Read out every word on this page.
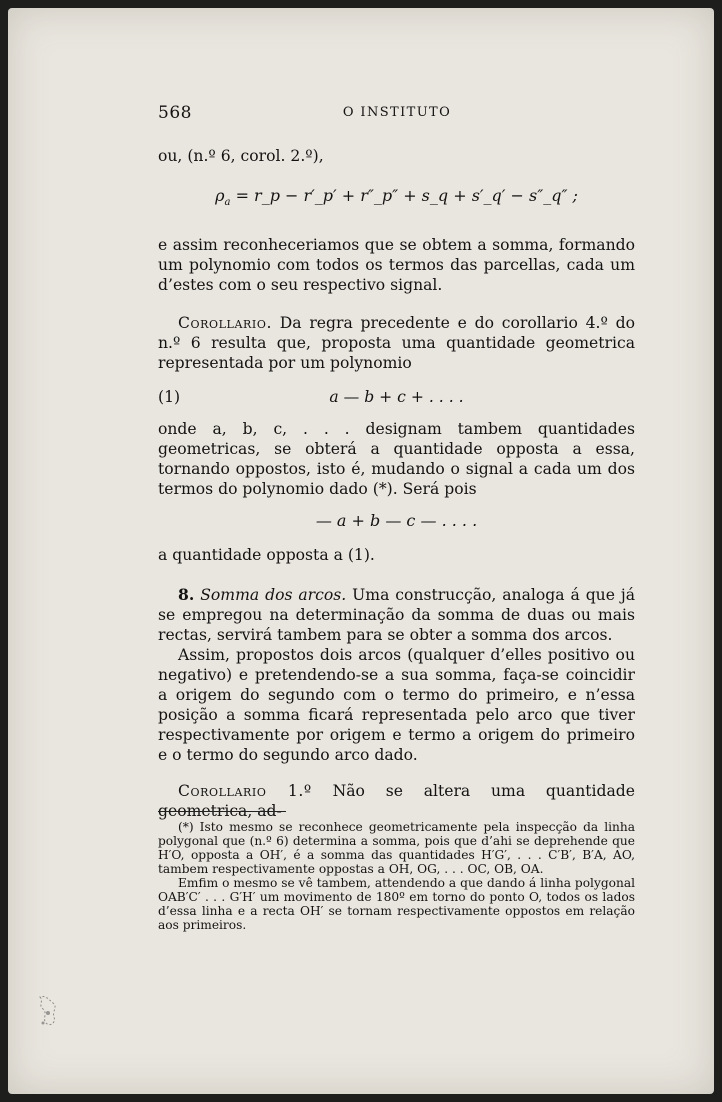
568	O INSTITUTO

ou, (n.º 6, corol. 2.º),

$\rho_a$ = r_p − r′_p′ + r″_p″ + s_q + s′_q′ − s″_q″ ;

e assim reconheceriamos que se obtem a somma, formando um polynomio com todos os termos das parcellas, cada um d’estes com o seu respectivo signal.

Corollario. Da regra precedente e do corollario 4.º do n.º 6 resulta que, proposta uma quantidade geometrica representada por um polynomio

(1)	a — b + c + . . . .

onde a, b, c, . . . designam tambem quantidades geometricas, se obterá a quantidade opposta a essa, tornando oppostos, isto é, mudando o signal a cada um dos termos do polynomio dado (*). Será pois

— a + b — c — . . . .

a quantidade opposta a (1).

8. Somma dos arcos. Uma construcção, analoga á que já se empregou na determinação da somma de duas ou mais rectas, servirá tambem para se obter a somma dos arcos.

Assim, propostos dois arcos (qualquer d’elles positivo ou negativo) e pretendendo-se a sua somma, faça-se coincidir a origem do segundo com o termo do primeiro, e n’essa posição a somma ficará representada pelo arco que tiver respectivamente por origem e termo a origem do primeiro e o termo do segundo arco dado.

Corollario 1.º Não se altera uma quantidade geometrica, ad-

(*) Isto mesmo se reconhece geometricamente pela inspecção da linha polygonal que (n.º 6) determina a somma, pois que d’ahi se deprehende que H′O, opposta a OH′, é a somma das quantidades H′G′, . . . C′B′, B′A, AO, tambem respectivamente oppostas a OH, OG, . . . OC, OB, OA.

Emfim o mesmo se vê tambem, attendendo a que dando á linha polygonal OAB′C′ . . . G′H′ um movimento de 180º em torno do ponto O, todos os lados d’essa linha e a recta OH′ se tornam respectivamente oppostos em relação aos primeiros.
